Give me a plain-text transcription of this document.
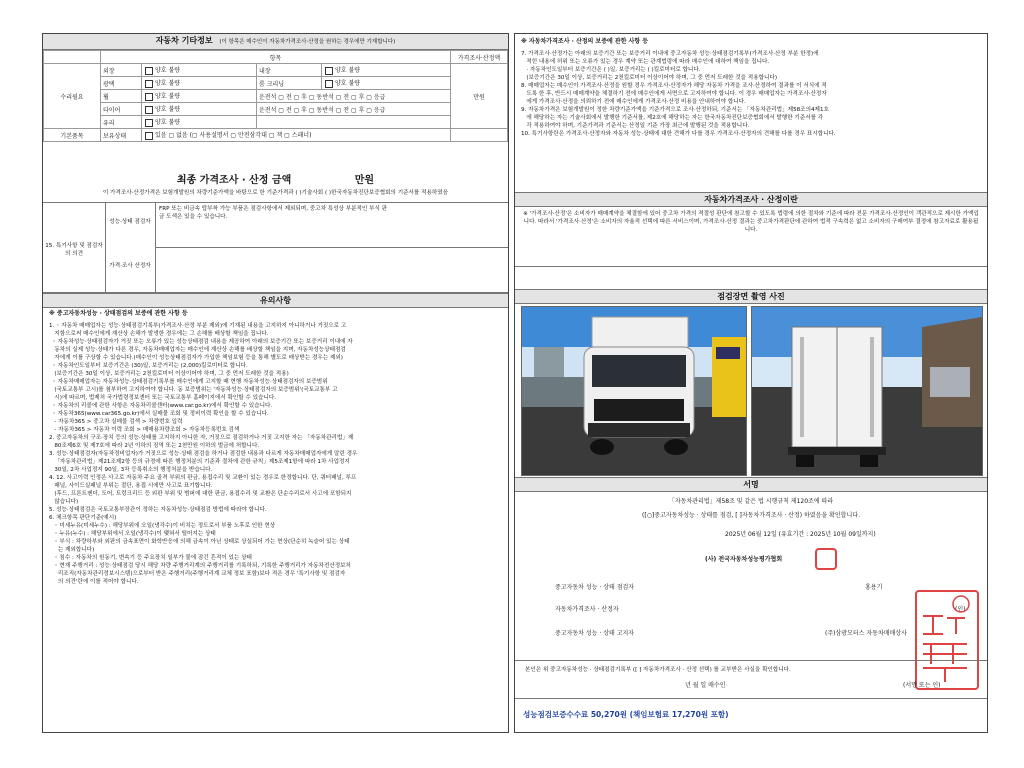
자동차 기타정보 (이 항목은 매수인이 자동차가격조사·산정을 원하는 경우에만 기재합니다)
	항목				가격조사·산정액
수리필요	외장	양호 불량	내장	양호 불량	만원
	광택	양호 불량	룸 크리닝	양호 불량	
	휠	양호 불량	운전석 ▢ 전 ▢ 후 ▢ 동반석 ▢ 전 ▢ 후 ▢ 응급		
	타이어	양호 불량	운전석 ▢ 전 ▢ 후 ▢ 동반석 ▢ 전 ▢ 후 ▢ 응급		
	유리	양호 불량			
기본품목	보유상태	있음 ▢ 없음 (▢ 사용설명서 ▢ 안전삼각대 ▢ 잭 ▢ 스패너)			
최종 가격조사 · 산정 금액	만원
이 가격조사·산정가격은 보험개발원의 차량기준가액을 바탕으로 한 기준가격과 ( )기술사회 ( )한국자동차진단보증협회의 기준서를 적용하였음
15. 특기사항 및 점검자의 의견
성능·상태 점검자
가격·조사 산정자
FRP 또는 비금속 탑부착 가능 부품은 점검사항에서 제외되며, 중고차 특성상 부분적인 부식 판금 도색은 있을 수 있습니다.
유의사항
※ 중고자동차성능 · 상태점검의 보증에 관한 사항 등
1. ◦ 자동차 매매업자는 성능·상태점검기록부(가격조사·산정 부분 제외)에 기재된 내용을 고지하지 아니하거나 거짓으로 고
지함으로써 매수인에게 재산상 손해가 발생한 경우에는 그 손해를 배상할 책임을 집니다.
◦ 자동차성능·상태점검자가 거짓 또는 오류가 있는 성능상태점검 내용을 제공하여 아래의 보증기간 또는 보증거리 이내에 자
동차의 실제 성능·상태가 다른 경우, 자동차매매업자는 매수인에 재산상 손해를 배상할 책임을 지며, 자동차성능상태점검
자에게 이를 구상할 수 있습니다.(매수인이 성능상태점검자가 가입한 책임보험 등을 통해 별도로 배상받는 경우는 제외)
◦ 자동차인도일부터 보증기간은 (30)일, 보증거리는 (2,000)킬로미터로 합니다.
(보증기간은 30일 이상, 보증거리는 2천킬로미터 이상이어야 하며, 그 중 먼저 도래한 것을 적용)
◦ 자동차매매업자는 자동차성능·상태점검기록부를 매수인에게 고지할 때 현행 자동차성능·상태점검자의 보증범위
(국토교통부 고시)를 첨부하여 고지하여야 합니다. 동 보증범위는 '자동차성능·상태점검자의 보증범위'(국토교통부 고
시)에 따르며, 법제처 국가법령정보센터 또는 국토교통부 홈페이지에서 확인할 수 있습니다.
◦ 자동차의 리콜에 관한 사항은 자동차리콜센터(www.car.go.kr)에서 확인할 수 있습니다.
◦ 자동차365(www.car365.go.kr)에서 실매물 조회 및 정비이력 확인을 할 수 있습니다.
- 자동차365 > 중고차 실매물 검색 > 차량번호 입력
- 자동차365 > 자동차 이력 조회 > 매매용차량조회 > 자동차등록번호 검색
2. 중고자동차의 구조·장치 등의 성능·상태를 고지하지 아니한 자, 거짓으로 점검하거나 거짓 고지한 자는 「자동차관리법」제
80조제6호 및 제7호에 따라 2년 이하의 징역 또는 2천만원 이하의 벌금에 처합니다.
3. 성능·상태점검자(자동차정비업자)가 거짓으로 성능·상태 점검을 하거나 점검한 내용과 다르게 자동차매매업자에게 알린 경우
「자동차관리법」제21조제2항 등의 규정에 따른 행정처분의 기준과 절차에 관한 규칙」제5조제1항에 따라 1차 사업정지
30일, 2차 사업정지 90일, 3차 등록취소의 행정처분을 받습니다.
4. 12. 사고이력 인정은 사고로 자동차 주요 골격 부위의 판금, 용접수리 및 교환이 있는 경우로 한정합니다. 단, 쿼터패널, 루프
패널, 사이드실패널 부위는 절단, 용접 시에만 사고로 표기합니다.
(후드, 프론트펜더, 도어, 트렁크리드 등 외판 부위 및 범퍼에 대한 판금, 용접수리 및 교환은 단순수리로서 사고에 포함되지
않습니다)
5. 성능·상태점검은 국토교통부장관이 정하는 자동차성능·상태점검 방법에 따라야 합니다.
6. 체크항목 판단기준(예시)
◦ 미세누유(미세누수) : 해당부위에 오일(냉각수)이 비치는 정도로서 부품 노후로 인한 현상
◦ 누유(누수) : 해당부위에서 오일(냉각수)이 맺혀서 떨어지는 상태
◦ 부식 : 차량하부와 외판의 금속표면이 화학반응에 의해 금속이 아닌 상태로 상실되어 가는 현상(단순히 녹슬어 있는 상태
는 제외합니다)
◦ 침수 : 자동차의 원동기, 변속기 등 주요장치 일부가 물에 잠긴 흔적이 있는 상태
◦ 현재 주행거리 : 성능·상태점검 당시 해당 차량 주행거리계의 주행거리를 기록하되, 기록한 주행거리가 자동차전산정보처
리조직(자동차관리정보시스템)으로부터 받은 주행거리(주행거리계 교체 정보 포함)보다 적은 경우 '특기사항 및 점검자
의 의견'란에 이를 적어야 합니다.
※ 자동차가격조사 · 산정의 보증에 관한 사항 등
7. 가격조사·산정가는 아래의 보증기간 또는 보증거리 이내에 중고자동차 성능·상태점검기록부(가격조사·산정 부분 한정)에
적힌 내용에 허위 또는 오류가 있는 경우 계약 또는 관계법령에 따라 매수인에 대하여 책임을 집니다.
· 자동차인도일부터 보증기간은 ( )일, 보증거리는 ( )킬로미터로 합니다.
(보증기간은 30일 이상, 보증거리는 2천킬로미터 이상이어야 하며, 그 중 먼저 도래한 것을 적용합니다)
8. 매매업자는 매수인이 가격조사·산정을 원할 경우 가격조사·산정자가 해당 자동차 가격을 조사·산정하여 결과를 이 서식에 적
도록 한 후, 반드시 매매계약을 체결하기 전에 매수인에게 서면으로 고지하여야 합니다. 이 경우 매매업자는 가격조사·산정자
에게 가격조사·산정을 의뢰하기 전에 매수인에게 가격조사·산정 비용을 안내하여야 합니다.
9. 자동차가격은 보험개발원이 정한 차량기준가액을 기준가격으로 조사·산정하되, 기준서는 「자동차관리법」제58조의4제1호
에 해당하는 자는 기술사회에서 발행한 기준서를, 제2호에 해당하는 자는 한국자동차진단보증협회에서 발행한 기준서를 각
각 적용하여야 하며, 기준가격과 기준서는 산정일 기준 가장 최근에 발행된 것을 적용합니다.
10. 특기사항란은 가격조사·산정자와 자동차 성능·상태에 대한 견해가 다를 경우 가격조사·산정자의 견해를 다를 경우 표시합니다.
자동차가격조사 · 산정이란
※ '가격조사·산정'은 소비자가 매매계약을 체결함에 있어 중고차 가격의 적절성 판단에 참고할 수 있도록 법령에 의한 절차와 기준에 따라 전문 가격조사·산정인이 객관적으로 제시한 가액입니다. 따라서 '가격조사·산정'은 소비자의 자율적 선택에 따른 서비스이며, 가격조사·산정 결과는 중고차가격판단에 관하여 법적 구속력은 없고 소비자의 구매여부 결정에 참고자료로 활용됩니다.
점검장면 촬영 사진
서명
「자동차관리법」제58조 및 같은 법 시행규칙 제120조에 따라
([○]중고자동차성능 · 상태를 점검, [ ]자동차가격조사 · 산정) 하였음을 확인합니다.
2025년 06월 12일 (유효기간 : 2025년 10월 09일까지)
(사) 전국자동차성능평가협회
중고자동차 성능 · 상태 점검자	홍용기
자동차가격조사 · 산정자
중고자동차 성능 · 상태 고지자	(주)삼광모터스 자동차매매상사
(인)
본인은 위 중고자동차성능 · 상태점검기록부 ([ ] 자동차가격조사 · 산정 선택) 를 교부받은 사실을 확인합니다.
년 월 일 매수인	(서명 또는 인)
성능점검보증수수료 50,270원 (책임보험료 17,270원 포함)
